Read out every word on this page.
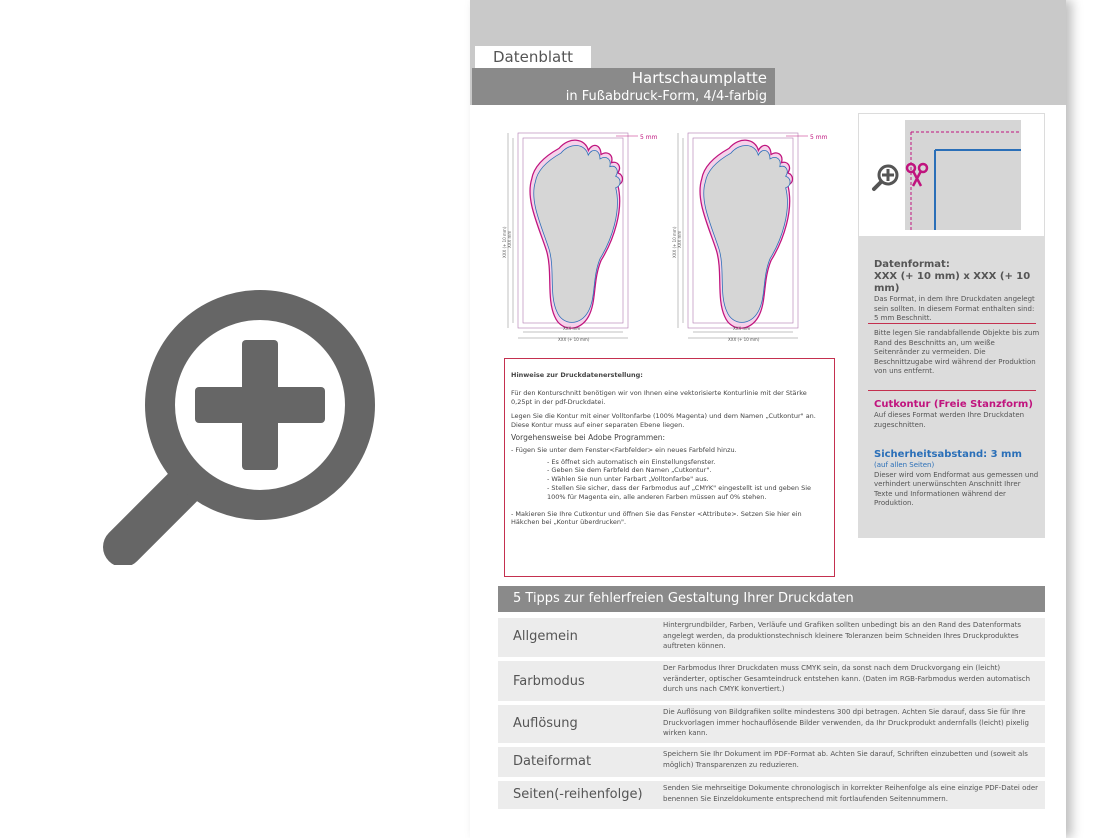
Datenblatt
Hartschaumplatte
in Fußabdruck-Form, 4/4-farbig
5 mm
XXX mm
XXX (+ 10 mm)
XXX (+ 10 mm) XXX mm
5 mm
XXX mm
XXX (+ 10 mm)
XXX (+ 10 mm) XXX mm

Hinweise zur Druckdatenerstellung:

Für den Konturschnitt benötigen wir von Ihnen eine vektorisierte Konturlinie mit der Stärke 0,25pt in der pdf-Druckdatei.

Legen Sie die Kontur mit einer Volltonfarbe (100% Magenta) und dem Namen „Cutkontur" an. Diese Kontur muss auf einer separaten Ebene liegen.

Vorgehensweise bei Adobe Programmen:

- Fügen Sie unter dem Fenster<Farbfelder> ein neues Farbfeld hinzu.

- Es öffnet sich automatisch ein Einstellungsfenster.

- Geben Sie dem Farbfeld den Namen „Cutkontur".

- Wählen Sie nun unter Farbart „Volltonfarbe" aus.

- Stellen Sie sicher, dass der Farbmodus auf „CMYK" eingestellt ist und geben Sie 100% für Magenta ein, alle anderen Farben müssen auf 0% stehen.

- Makieren Sie Ihre Cutkontur und öffnen Sie das Fenster <Attribute>. Setzen Sie hier ein Häkchen bei „Kontur überdrucken".

Datenformat:
XXX (+ 10 mm) x XXX (+ 10 mm)
Das Format, in dem Ihre Druckdaten angelegt sein sollten. In diesem Format enthalten sind: 5 mm Beschnitt.
Bitte legen Sie randabfallende Objekte bis zum Rand des Beschnitts an, um weiße Seitenränder zu vermeiden. Die Beschnittzugabe wird während der Produktion von uns entfernt.
Cutkontur (Freie Stanzform)
Auf dieses Format werden Ihre Druckdaten zugeschnitten.
Sicherheitsabstand: 3 mm
(auf allen Seiten)
Dieser wird vom Endformat aus gemessen und verhindert unerwünschten Anschnitt Ihrer Texte und Informationen während der Produktion.
5 Tipps zur fehlerfreien Gestaltung Ihrer Druckdaten
Allgemein
Hintergrundbilder, Farben, Verläufe und Grafiken sollten unbedingt bis an den Rand des Datenformats angelegt werden, da produktionstechnisch kleinere Toleranzen beim Schneiden Ihres Druckproduktes auftreten können.
Farbmodus
Der Farbmodus Ihrer Druckdaten muss CMYK sein, da sonst nach dem Druckvorgang ein (leicht) veränderter, optischer Gesamteindruck entstehen kann. (Daten im RGB-Farbmodus werden automatisch durch uns nach CMYK konvertiert.)
Auflösung
Die Auflösung von Bildgrafiken sollte mindestens 300 dpi betragen. Achten Sie darauf, dass Sie für Ihre Druckvorlagen immer hochauflösende Bilder verwenden, da Ihr Druckprodukt andernfalls (leicht) pixelig wirken kann.
Dateiformat	Speichern Sie Ihr Dokument im PDF-Format ab. Achten Sie darauf, Schriften einzubetten und (soweit als möglich) Transparenzen zu reduzieren.
Seiten(-reihenfolge)	Senden Sie mehrseitige Dokumente chronologisch in korrekter Reihenfolge als eine einzige PDF-Datei oder benennen Sie Einzeldokumente entsprechend mit fortlaufenden Seitennummern.
